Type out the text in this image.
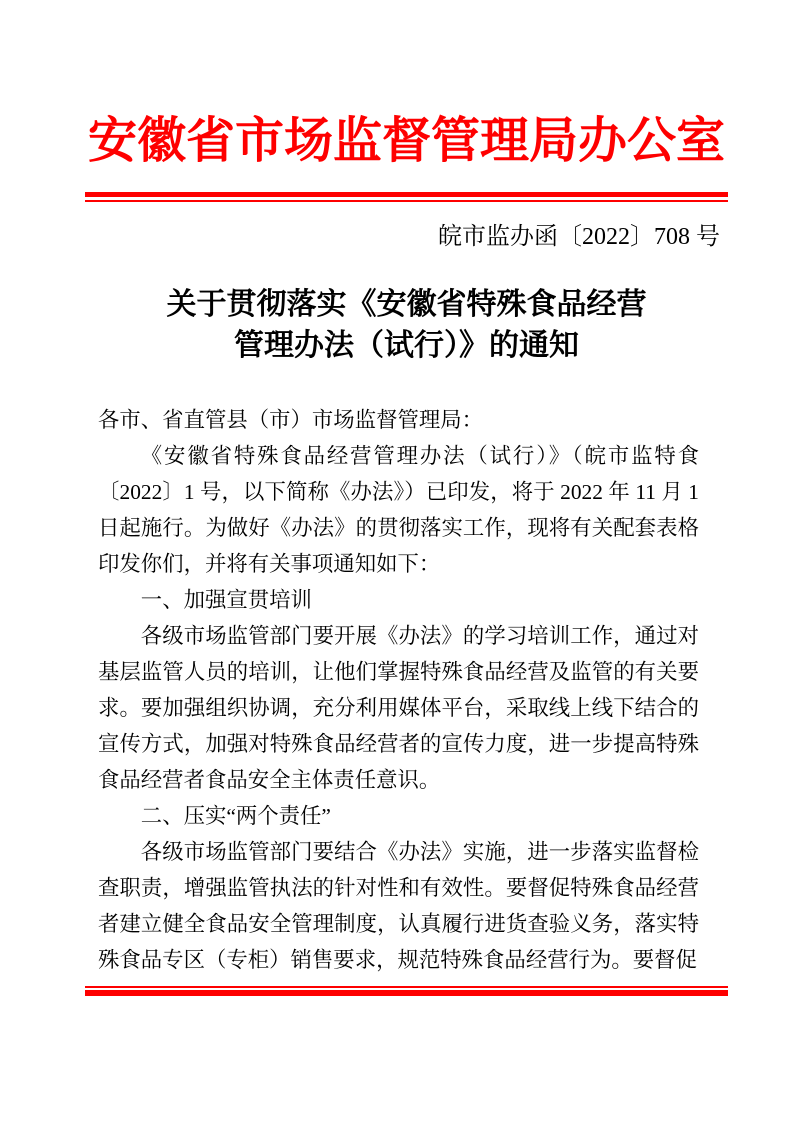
安徽省市场监督管理局办公室
皖市监办函〔2022〕708 号
关于贯彻落实《安徽省特殊食品经营
管理办法（试行）》的通知

各市、省直管县（市）市场监督管理局：

《安徽省特殊食品经营管理办法（试行）》（皖市监特食〔2022〕1 号，以下简称《办法》）已印发，将于 2022 年 11 月 1 日起施行。为做好《办法》的贯彻落实工作，现将有关配套表格印发你们，并将有关事项通知如下：

一、加强宣贯培训

各级市场监管部门要开展《办法》的学习培训工作，通过对基层监管人员的培训，让他们掌握特殊食品经营及监管的有关要求。要加强组织协调，充分利用媒体平台，采取线上线下结合的宣传方式，加强对特殊食品经营者的宣传力度，进一步提高特殊食品经营者食品安全主体责任意识。

二、压实“两个责任”

各级市场监管部门要结合《办法》实施，进一步落实监督检查职责，增强监管执法的针对性和有效性。要督促特殊食品经营者建立健全食品安全管理制度，认真履行进货查验义务，落实特殊食品专区（专柜）销售要求，规范特殊食品经营行为。要督促
